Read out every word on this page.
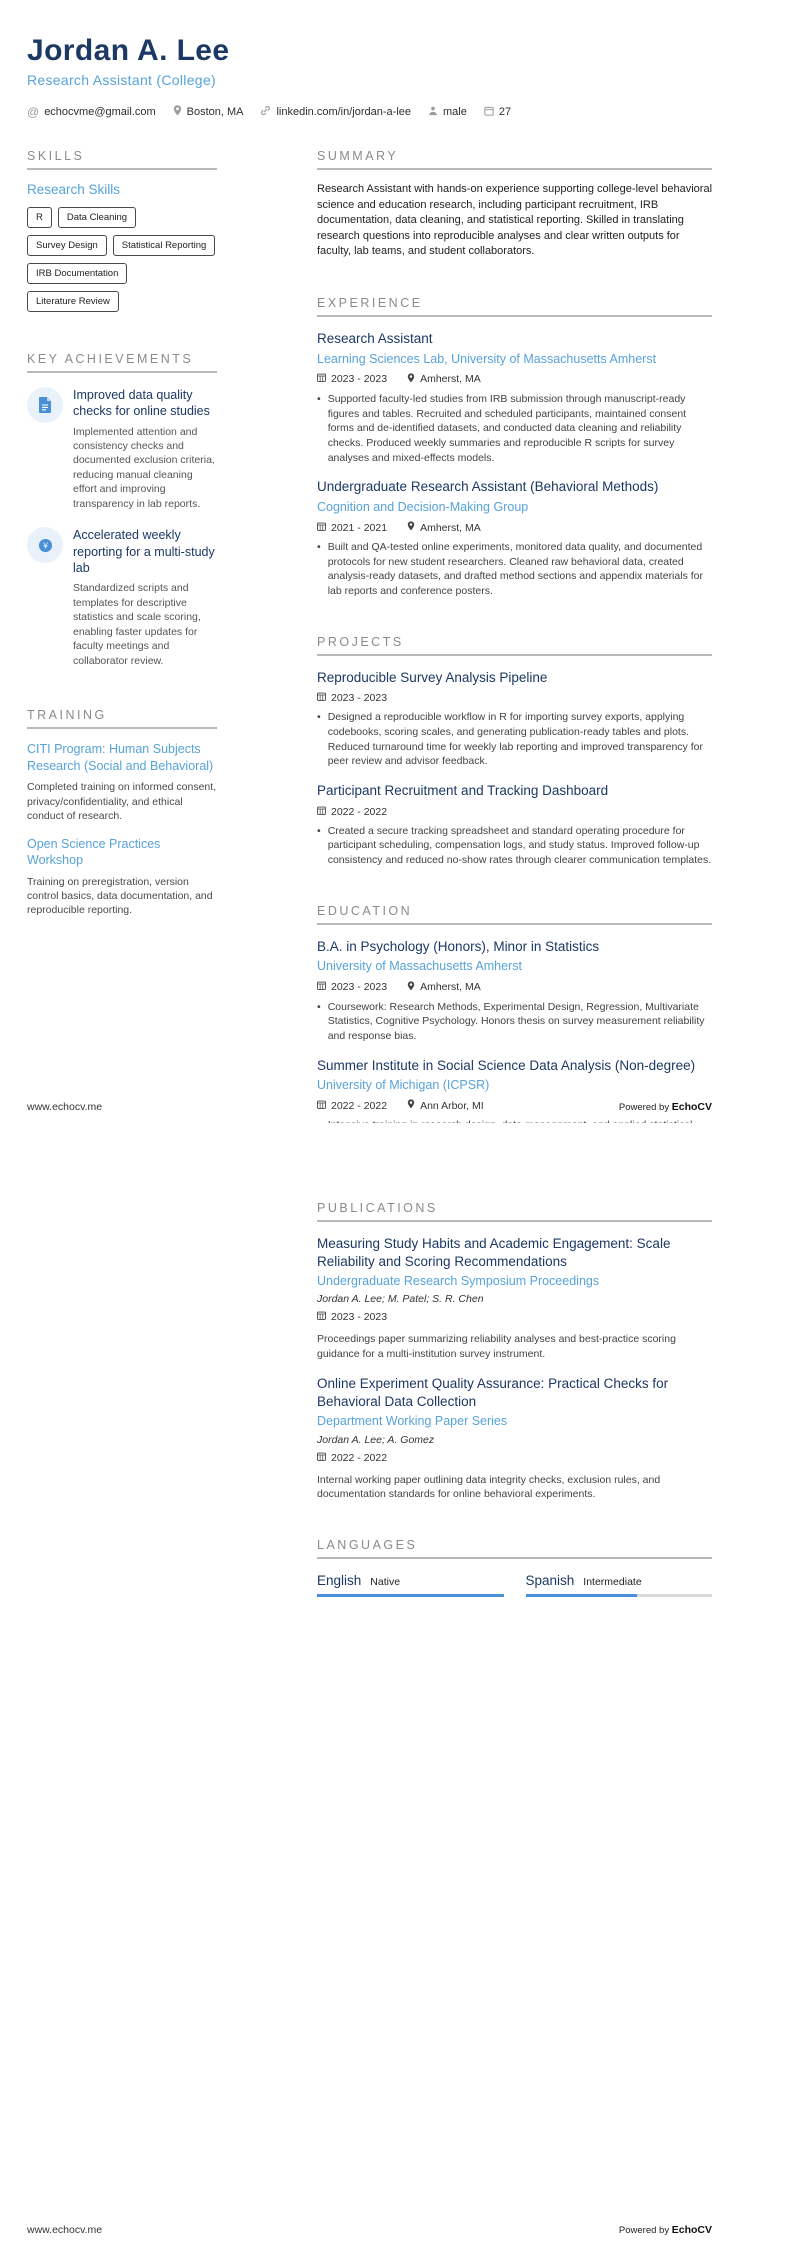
Jordan A. Lee
Research Assistant (College)
@ echocvme@gmail.com	Boston, MA	linkedin.com/in/jordan-a-lee	male	27
SKILLS
Research Skills
R	Data Cleaning
Survey Design	Statistical Reporting
IRB Documentation
Literature Review
KEY ACHIEVEMENTS
Improved data quality checks for online studies
Implemented attention and consistency checks and documented exclusion criteria, reducing manual cleaning effort and improving transparency in lab reports.
¥
Accelerated weekly reporting for a multi-study lab
Standardized scripts and templates for descriptive statistics and scale scoring, enabling faster updates for faculty meetings and collaborator review.
TRAINING
CITI Program: Human Subjects Research (Social and Behavioral)
Completed training on informed consent, privacy/confidentiality, and ethical conduct of research.
Open Science Practices Workshop
Training on preregistration, version control basics, data documentation, and reproducible reporting.
SUMMARY
Research Assistant with hands-on experience supporting college-level behavioral science and education research, including participant recruitment, IRB documentation, data cleaning, and statistical reporting. Skilled in translating research questions into reproducible analyses and clear written outputs for faculty, lab teams, and student collaborators.
EXPERIENCE
Research Assistant
Learning Sciences Lab, University of Massachusetts Amherst
2023 - 2023	Amherst, MA
• Supported faculty-led studies from IRB submission through manuscript-ready figures and tables. Recruited and scheduled participants, maintained consent forms and de-identified datasets, and conducted data cleaning and reliability checks. Produced weekly summaries and reproducible R scripts for survey analyses and mixed-effects models.
Undergraduate Research Assistant (Behavioral Methods)
Cognition and Decision-Making Group
2021 - 2021	Amherst, MA
• Built and QA-tested online experiments, monitored data quality, and documented protocols for new student researchers. Cleaned raw behavioral data, created analysis-ready datasets, and drafted method sections and appendix materials for lab reports and conference posters.
PROJECTS
Reproducible Survey Analysis Pipeline
2023 - 2023
• Designed a reproducible workflow in R for importing survey exports, applying codebooks, scoring scales, and generating publication-ready tables and plots. Reduced turnaround time for weekly lab reporting and improved transparency for peer review and advisor feedback.
Participant Recruitment and Tracking Dashboard
2022 - 2022
• Created a secure tracking spreadsheet and standard operating procedure for participant scheduling, compensation logs, and study status. Improved follow-up consistency and reduced no-show rates through clearer communication templates.
EDUCATION
B.A. in Psychology (Honors), Minor in Statistics
University of Massachusetts Amherst
2023 - 2023	Amherst, MA
• Coursework: Research Methods, Experimental Design, Regression, Multivariate Statistics, Cognitive Psychology. Honors thesis on survey measurement reliability and response bias.
Summer Institute in Social Science Data Analysis (Non-degree)
University of Michigan (ICPSR)
2022 - 2022	Ann Arbor, MI
www.echocv.me	Powered by EchoCV
PUBLICATIONS
Measuring Study Habits and Academic Engagement: Scale Reliability and Scoring Recommendations
Undergraduate Research Symposium Proceedings
Jordan A. Lee; M. Patel; S. R. Chen
2023 - 2023
Proceedings paper summarizing reliability analyses and best-practice scoring guidance for a multi-institution survey instrument.
Online Experiment Quality Assurance: Practical Checks for Behavioral Data Collection
Department Working Paper Series
Jordan A. Lee; A. Gomez
2022 - 2022
Internal working paper outlining data integrity checks, exclusion rules, and documentation standards for online behavioral experiments.
LANGUAGES
English Native	Spanish Intermediate
www.echocv.me	Powered by EchoCV
